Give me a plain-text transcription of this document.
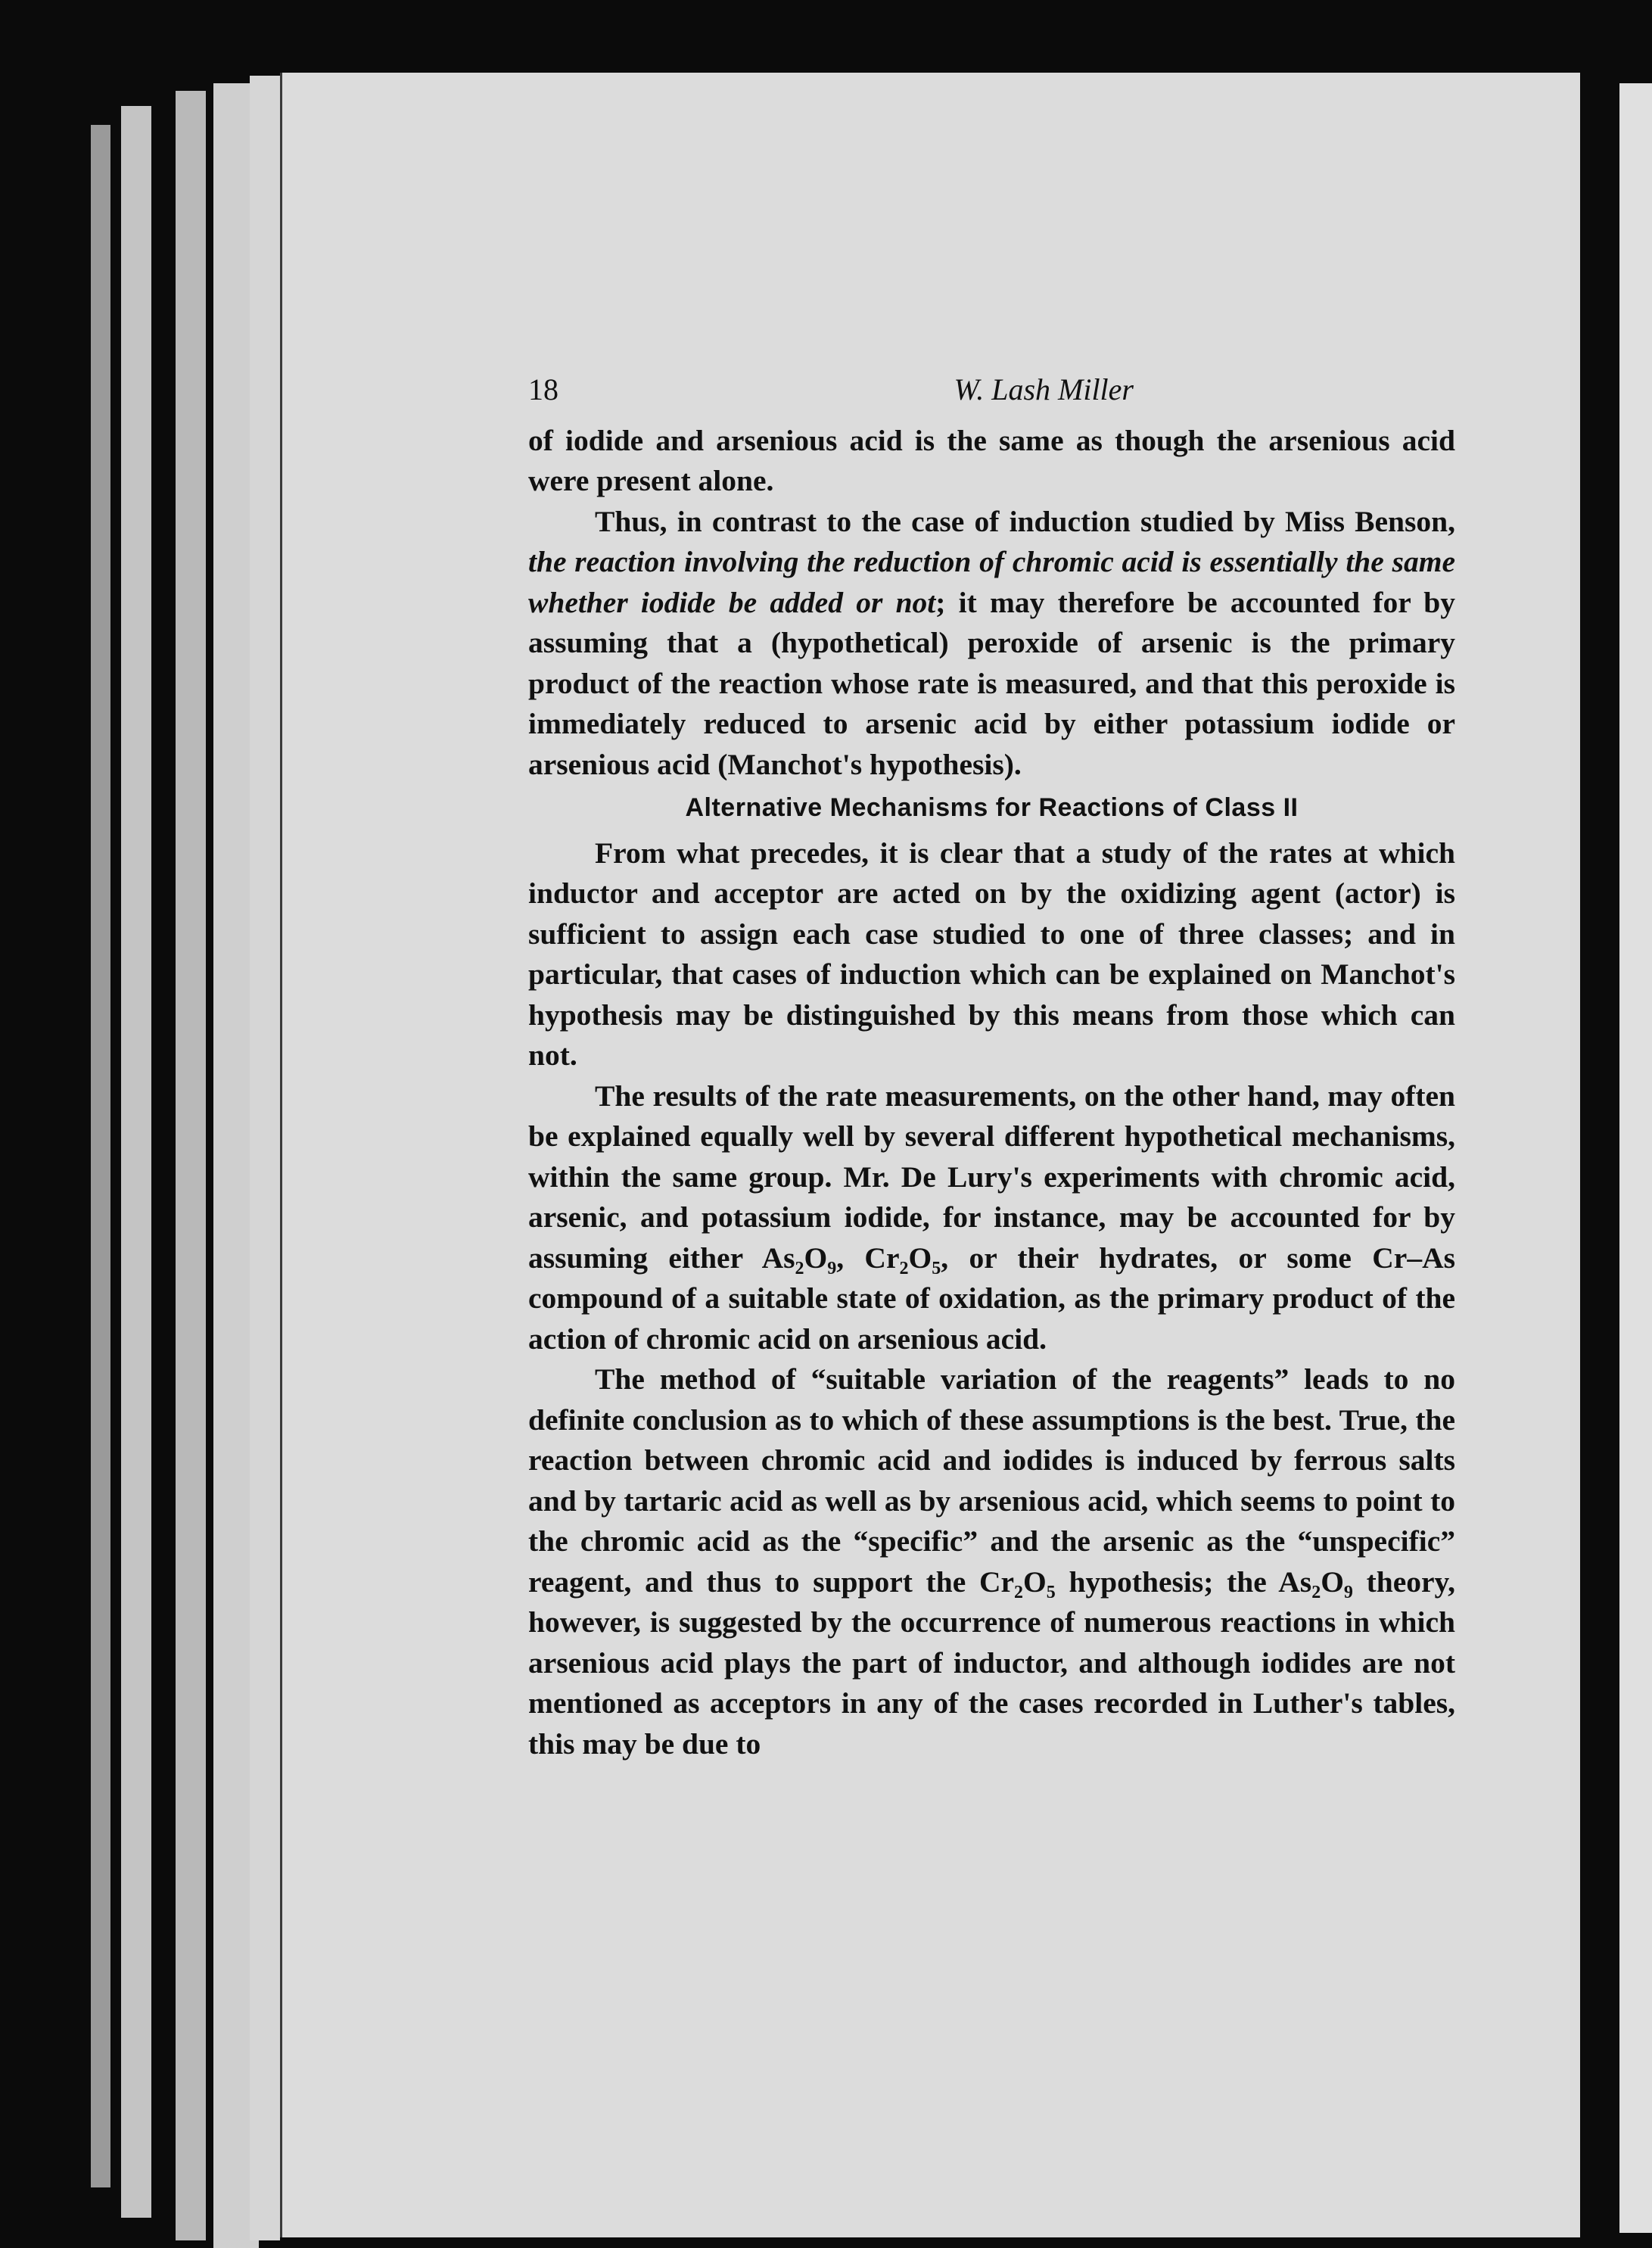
18	W. Lash Miller

of iodide and arsenious acid is the same as though the arsenious acid were present alone.

Thus, in contrast to the case of induction studied by Miss Benson, the reaction involving the reduction of chromic acid is essentially the same whether iodide be added or not; it may therefore be accounted for by assuming that a (hypothetical) peroxide of arsenic is the primary product of the reaction whose rate is measured, and that this peroxide is immediately reduced to arsenic acid by either potassium iodide or arsenious acid (Manchot's hypothesis).

Alternative Mechanisms for Reactions of Class II

From what precedes, it is clear that a study of the rates at which inductor and acceptor are acted on by the oxidizing agent (actor) is sufficient to assign each case studied to one of three classes; and in particular, that cases of induction which can be explained on Manchot's hypothesis may be distinguished by this means from those which can not.

The results of the rate measurements, on the other hand, may often be explained equally well by several different hypothetical mechanisms, within the same group. Mr. De Lury's experiments with chromic acid, arsenic, and potassium iodide, for instance, may be accounted for by assuming either $As_2O_9$, $Cr_2O_5$, or their hydrates, or some Cr–As compound of a suitable state of oxidation, as the primary product of the action of chromic acid on arsenious acid.

The method of “suitable variation of the reagents” leads to no definite conclusion as to which of these assumptions is the best. True, the reaction between chromic acid and iodides is induced by ferrous salts and by tartaric acid as well as by arsenious acid, which seems to point to the chromic acid as the “specific” and the arsenic as the “unspecific” reagent, and thus to support the $Cr_2O_5$ hypothesis; the $As_2O_9$ theory, however, is suggested by the occurrence of numerous reactions in which arsenious acid plays the part of inductor, and although iodides are not mentioned as acceptors in any of the cases recorded in Luther's tables, this may be due to
